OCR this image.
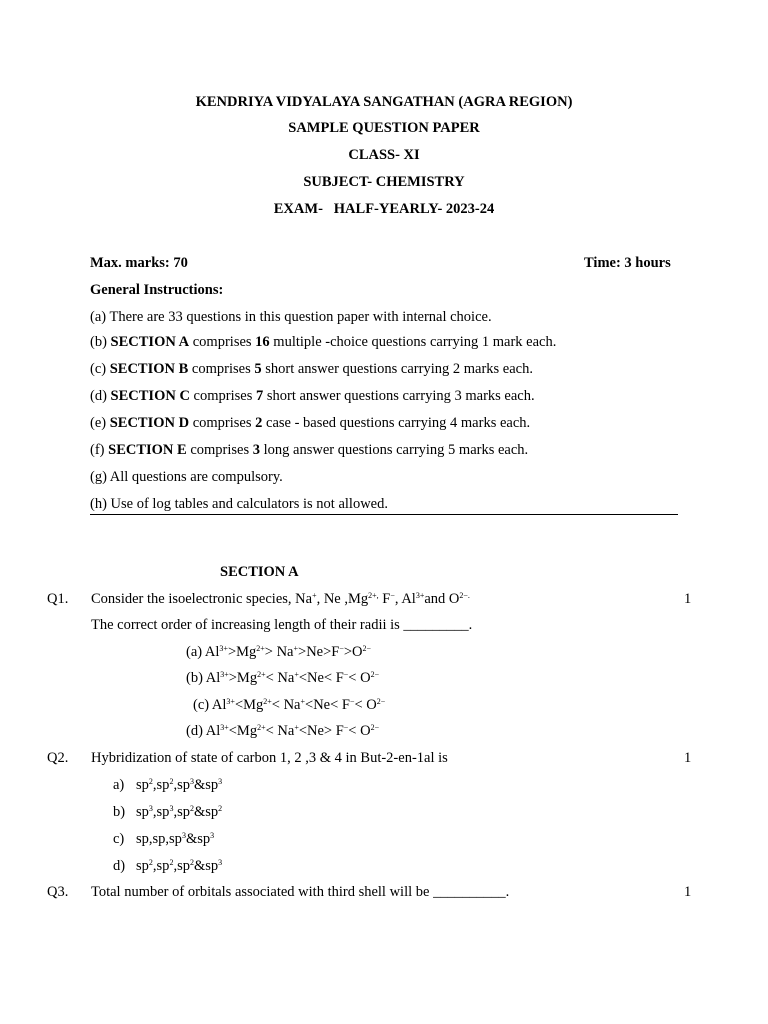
KENDRIYA VIDYALAYA SANGATHAN (AGRA REGION)
SAMPLE QUESTION PAPER
CLASS- XI
SUBJECT- CHEMISTRY
EXAM-   HALF-YEARLY- 2023-24
Max. marks: 70	Time: 3 hours
General Instructions:
(a) There are 33 questions in this question paper with internal choice.
(b) SECTION A comprises 16 multiple -choice questions carrying 1 mark each.
(c) SECTION B comprises 5 short answer questions carrying 2 marks each.
(d) SECTION C comprises 7 short answer questions carrying 3 marks each.
(e) SECTION D comprises 2 case - based questions carrying 4 marks each.
(f) SECTION E comprises 3 long answer questions carrying 5 marks each.
(g) All questions are compulsory.
(h) Use of log tables and calculators is not allowed.
SECTION A
Q1.	1
Consider the isoelectronic species, Na+, Ne $,Mg^{2+,}$ F−, $Al^{3+}and$ $O^{2-.}$
The correct order of increasing length of their radii is _________.
(a) $Al^{3+}>Mg^{2+}> Na^+>Ne>F^->O^{2-}$
(b) $Al^{3+}>Mg^{2+}< Na^+<Ne< F^-< O^{2-}$
(c) $Al^{3+}<Mg^{2+}< Na^+<Ne< F^-< O^{2-}$
(d) $Al^{3+}<Mg^{2+}< Na^+<Ne> F^-< O^{2-}$
Q2.	1
Hybridization of state of carbon 1, 2 ,3 & 4 in But-2-en-1al is
a) $sp^2,sp^2,sp^3\&sp^3$
b) $sp^3,sp^3,sp^2\&sp^2$
c) $sp,sp,sp^3\&sp^3$
d) $sp^2,sp^2,sp^2\&sp^3$
Q3.	1
Total number of orbitals associated with third shell will be __________.
